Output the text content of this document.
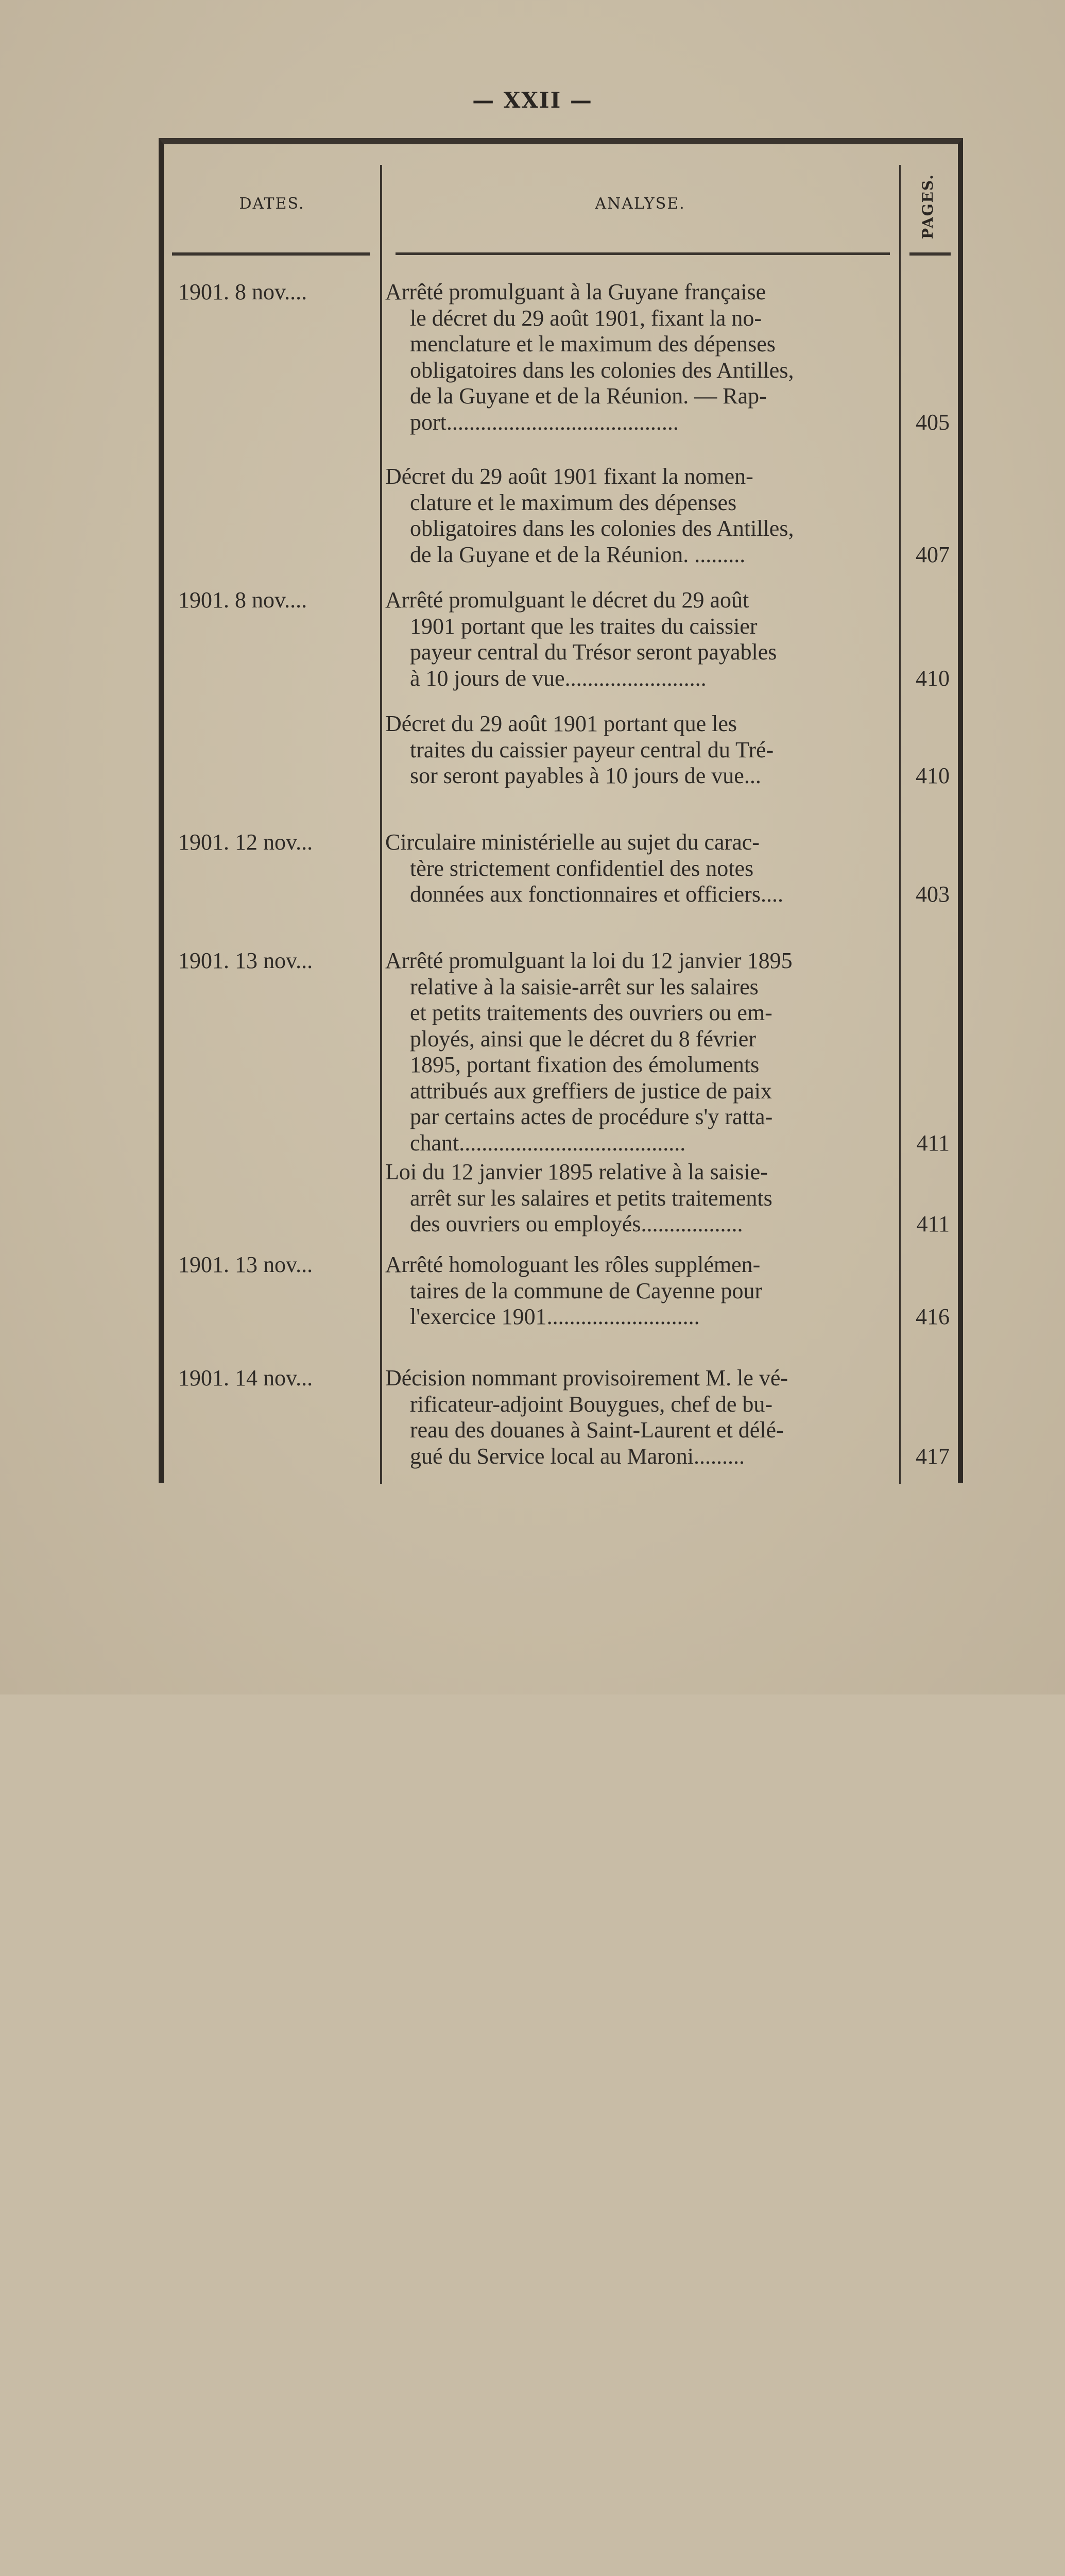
— XXII —
DATES.	ANALYSE.	PAGES.
1901. 8 nov....	Arrêté promulguant à la Guyane française
le décret du 29 août 1901, fixant la no-
menclature et le maximum des dépenses
obligatoires dans les colonies des Antilles,
de la Guyane et de la Réunion. — Rap-
port.........................................	405
Décret du 29 août 1901 fixant la nomen-
clature et le maximum des dépenses
obligatoires dans les colonies des Antilles,
de la Guyane et de la Réunion. .........	407
1901. 8 nov....	Arrêté promulguant le décret du 29 août
1901 portant que les traites du caissier
payeur central du Trésor seront payables
à 10 jours de vue.........................	410
Décret du 29 août 1901 portant que les
traites du caissier payeur central du Tré-
sor seront payables à 10 jours de vue...	410
1901. 12 nov...	Circulaire ministérielle au sujet du carac-
tère strictement confidentiel des notes
données aux fonctionnaires et officiers....	403
1901. 13 nov...	Arrêté promulguant la loi du 12 janvier 1895
relative à la saisie-arrêt sur les salaires
et petits traitements des ouvriers ou em-
ployés, ainsi que le décret du 8 février
1895, portant fixation des émoluments
attribués aux greffiers de justice de paix
par certains actes de procédure s'y ratta-
chant........................................	411
Loi du 12 janvier 1895 relative à la saisie-
arrêt sur les salaires et petits traitements
des ouvriers ou employés..................	411
1901. 13 nov...	Arrêté homologuant les rôles supplémen-
taires de la commune de Cayenne pour
l'exercice 1901...........................	416
1901. 14 nov...	Décision nommant provisoirement M. le vé-
rificateur-adjoint Bouygues, chef de bu-
reau des douanes à Saint-Laurent et délé-
gué du Service local au Maroni.........	417
